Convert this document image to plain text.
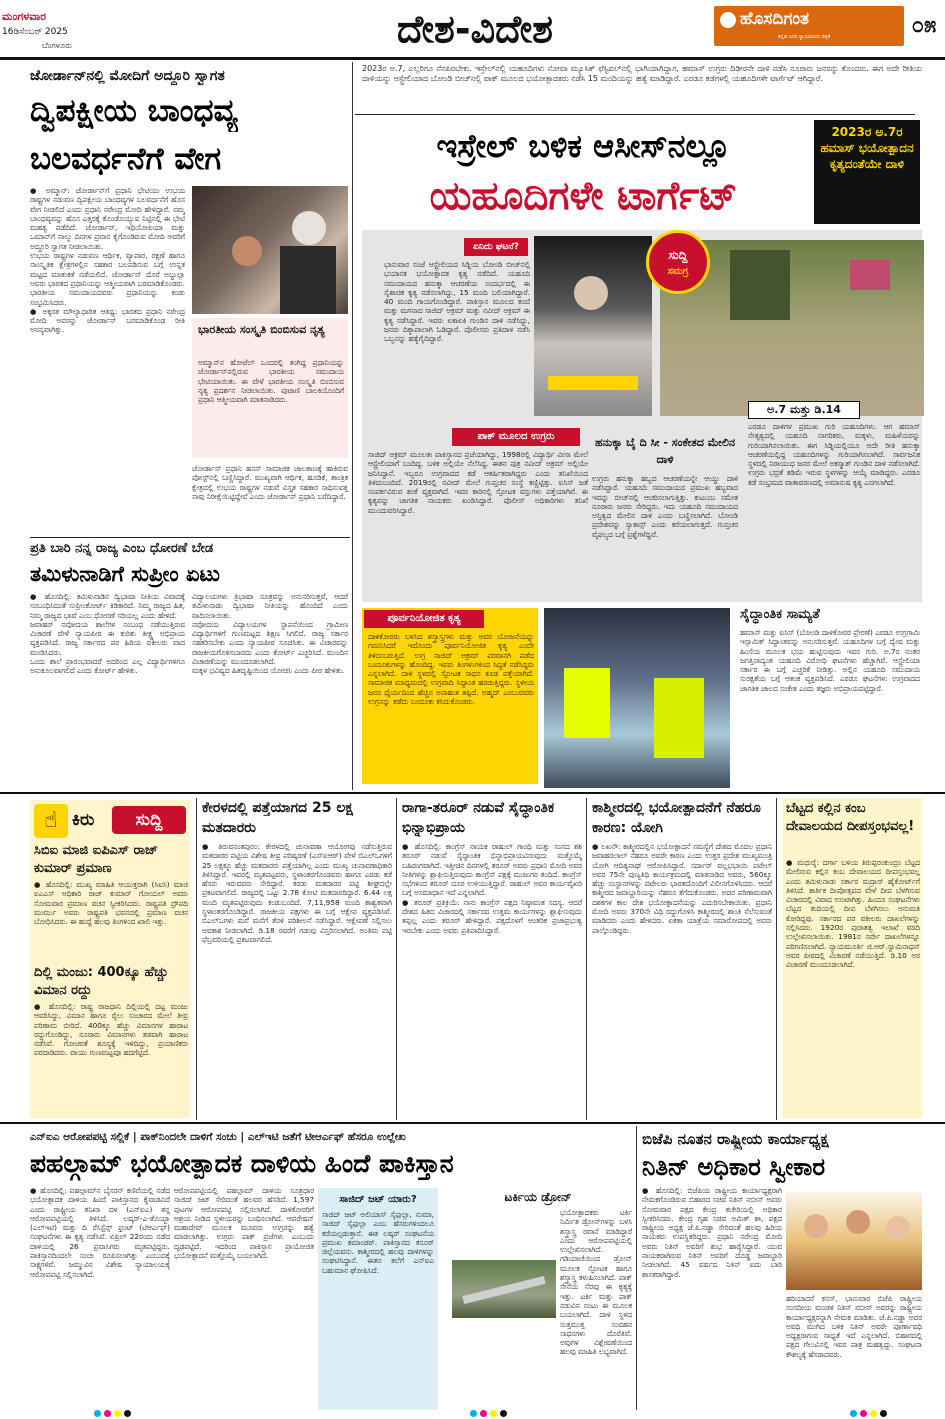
ಮಂಗಳವಾರ
16ಡಿಸೆಂಬರ್ 2025
ಬೆಂಗಳೂರು	ದೇಶ-ವಿದೇಶ	ಹೊಸದಿಗಂತ
ಕನ್ನಡ ಜನರ ಸ್ವಾಭಿಮಾನದ ಪತ್ರಿಕೆ	೦೫
ಜೋರ್ಡಾನ್‌ನಲ್ಲಿ ಮೋದಿಗೆ ಅದ್ದೂರಿ ಸ್ವಾಗತ
ದ್ವಿಪಕ್ಷೀಯ ಬಾಂಧವ್ಯ
ಬಲವರ್ಧನೆಗೆ ವೇಗ
● ಅಮ್ಮಾನ್: ಜೋರ್ಡಾನ್‌ಗೆ ಪ್ರಧಾನಿ ಭೇಟಿಯು ಉಭಯ ರಾಷ್ಟ್ರಗಳ ನಡುವಣ ದ್ವಿಪಕ್ಷೀಯ ಬಾಂಧವ್ಯಗಳ ಬಲವರ್ಧನೆಗೆ ಹೊಸ ವೇಗ ನೀಡಲಿದೆ ಎಂದು ಪ್ರಧಾನಿ ನರೇಂದ್ರ ಮೋದಿ ಹೇಳಿದ್ದಾರೆ. ನಮ್ಮ ಬಾಂಧವ್ಯವನ್ನು ಹೊಸ ಎತ್ತರಕ್ಕೆ ಕೊಂಡೊಯ್ಯುವ ನಿಟ್ಟಿನಲ್ಲಿ ಈ ಭೇಟಿ ಮಹತ್ವ ಪಡೆದಿದೆ. ಜೋರ್ಡಾನ್, ಇಥಿಯೋಪಿಯಾ ಮತ್ತು ಒಮಾನ್‌ಗೆ ನಾಲ್ಕು ದಿನಗಳ ಪ್ರವಾಸ ಕೈಗೊಂಡಿರುವ ಮೋದಿ ಅವರಿಗೆ ಅದ್ದೂರಿ ಸ್ವಾಗತ ನೀಡಲಾಯಿತು.
ಉಭಯ ರಾಷ್ಟ್ರಗಳ ನಡುವಣ ಆರ್ಥಿಕ, ವ್ಯಾಪಾರ, ರಕ್ಷಣೆ ಹಾಗೂ ಸಾಂಸ್ಕೃತಿಕ ಕ್ಷೇತ್ರಗಳಲ್ಲಿನ ಸಹಕಾರ ಬಲಪಡಿಸುವ ಬಗ್ಗೆ ಉನ್ನತ ಮಟ್ಟದ ಮಾತುಕತೆ ನಡೆಯಲಿದೆ. ಜೋರ್ಡಾನ್ ದೊರೆ ಅಬ್ದುಲ್ಲಾ ಅವರು ಭಾರತದ ಪ್ರಧಾನಿಯನ್ನು ಆತ್ಮೀಯವಾಗಿ ಬರಮಾಡಿಕೊಂಡರು. ಭಾರತೀಯ ಸಮುದಾಯದವರು ಪ್ರಧಾನಿಯನ್ನು ಕಂಡು ಸಂಭ್ರಮಿಸಿದರು.
● ಅಕ್ಕರತ ಮೌಲ್ಯಾಧಾರಿತ ಆತಿಥ್ಯ: ಭಾರತದ ಪ್ರಧಾನಿ ನರೇಂದ್ರ ಮೋದಿ ಅವರನ್ನು ಜೋರ್ಡಾನ್ ಬರಮಾಡಿಕೊಂಡ ರೀತಿ ಅನನ್ಯವಾಗಿತ್ತು.	ಭಾರತೀಯ ಸಂಸ್ಕೃತಿ ಬಿಂಬಿಸುವ ನೃತ್ಯ
ಅಮ್ಮಾನ್‌ನ ಹೋಟೆಲ್ ಒಂದರಲ್ಲಿ ತಂಗಿದ್ದ ಪ್ರಧಾನಿಯನ್ನು ಜೋರ್ಡಾನ್‌ನಲ್ಲಿರುವ ಭಾರತೀಯ ಸಮುದಾಯ ಭೇಟಿಯಾಯಿತು. ಈ ವೇಳೆ ಭಾರತೀಯ ಸಂಸ್ಕೃತಿ ಬಿಂಬಿಸುವ ನೃತ್ಯ ಪ್ರದರ್ಶನ ನೀಡಲಾಯಿತು. ಪುಟಾಣಿ ಬಾಲಕಿಯೊಂದಿಗೆ ಪ್ರಧಾನಿ ಆತ್ಮೀಯವಾಗಿ ಮಾತನಾಡಿದರು.
ಜೋರ್ಡಾನ್ ಪ್ರಧಾನಿ ಹಸನ್ ಸಾಮಾಜಿಕ ಜಾಲತಾಣಕ್ಕೆ ಹಾಕಿರುವ ಪೋಸ್ಟ್‌ನಲ್ಲಿ ಬಣ್ಣಿಸಿದ್ದಾರೆ. ಮುಖ್ಯವಾಗಿ ಆರ್ಥಿಕ, ಹೂಡಿಕೆ, ತಾಂತ್ರಿಕ ಕ್ಷೇತ್ರದಲ್ಲಿ ಉಭಯ ರಾಷ್ಟ್ರಗಳ ನಡುವೆ ವಿಸ್ತೃತ ಸಹಕಾರ ಸಾಧಿಸುವತ್ತ ನಾವು ನಿರೀಕ್ಷೆಯಿಟ್ಟಿದ್ದೇವೆ ಎಂದು ಜೋರ್ಡಾನ್ ಪ್ರಧಾನಿ ಬರೆದಿದ್ದಾರೆ.
ಪ್ರತಿ ಬಾರಿ ನನ್ನ ರಾಜ್ಯ ಎಂಬ ಧೋರಣೆ ಬೇಡ
ತಮಿಳುನಾಡಿಗೆ ಸುಪ್ರೀಂ ಏಟು
● ಹೊಸದಿಲ್ಲಿ: ತಮಿಳುನಾಡಿನ ದ್ವಿಭಾಷಾ ನೀತಿಯ ವಿವಾದಕ್ಕೆ ಸಂಬಂಧಿಸಿದಂತೆ ಸುಪ್ರೀಂಕೋರ್ಟ್ ಕಿಡಿಕಾರಿದೆ. ನಿಮ್ಮ ರಾಜ್ಯದ ಹಿತ, ನಿಮ್ಮ ರಾಜ್ಯದ ಭಾಷೆ ಎಂಬ ಧೋರಣೆ ಸರಿಯಲ್ಲ ಎಂದು ಹೇಳಿದೆ.
ಜವಾಹರ್ ನವೋದಯ ಶಾಲೆಗಳ ಸಂಬಂಧ ನಡೆಯುತ್ತಿರುವ ವಿಚಾರಣೆ ವೇಳೆ ನ್ಯಾಯಪೀಠ ಈ ಕುರಿತು ತೀಕ್ಷ್ಣ ಅಭಿಪ್ರಾಯ ವ್ಯಕ್ತಪಡಿಸಿದೆ. ರಾಜ್ಯ ಸರ್ಕಾರದ ಪರ ಹಿರಿಯ ವಕೀಲರು ವಾದ ಮಂಡಿಸಿದರು.
ಒಂದು ಶಾಲೆ ಪ್ರಾರಂಭವಾದರೆ ಅದರಿಂದ ಎಲ್ಲ ವಿದ್ಯಾರ್ಥಿಗಳಿಗೂ ಅನುಕೂಲವಾಗಲಿದೆ ಎಂದು ಕೋರ್ಟ್ ಹೇಳಿತು.
ವಿದ್ಯಾಲಯಗಳು ತ್ರಿಭಾಷಾ ಸೂತ್ರವನ್ನು ಅನುಸರಿಸುತ್ತವೆ, ಆದರೆ ತಮಿಳುನಾಡು ದ್ವಿಭಾಷಾ ನೀತಿಯನ್ನು ಹೊಂದಿದೆ ಎಂದು ವಾದಿಸಲಾಯಿತು.
ನವೋದಯ ವಿದ್ಯಾಲಯಗಳ ಸ್ಥಾಪನೆಯಿಂದ ಗ್ರಾಮೀಣ ವಿದ್ಯಾರ್ಥಿಗಳಿಗೆ ಗುಣಮಟ್ಟದ ಶಿಕ್ಷಣ ಸಿಗಲಿದೆ. ರಾಜ್ಯ ಸರ್ಕಾರ ಸಹಕರಿಸಬೇಕು ಎಂದು ನ್ಯಾಯಪೀಠ ಸೂಚಿಸಿತು. ಈ ವಿಚಾರವನ್ನು ರಾಜಕೀಯಗೊಳಿಸಬಾರದು ಎಂದು ಕೋರ್ಟ್ ಎಚ್ಚರಿಸಿದೆ. ಮುಂದಿನ ವಿಚಾರಣೆಯನ್ನು ಮುಂದೂಡಲಾಗಿದೆ.
ಮಕ್ಕಳ ಭವಿಷ್ಯದ ಹಿತದೃಷ್ಟಿಯಿಂದ ಯೋಚಿಸಿ ಎಂದು ಪೀಠ ಹೇಳಿತು.
2023ರ ಅ.7, ಎಲ್ಲರಿಗೂ ನೆನಪಿರಬೇಕು. ಇಸ್ರೇಲ್‌ನಲ್ಲಿ ಯಹೂದಿಗಳು ನೋವಾ ಮ್ಯೂಸಿಕ್ ಫೆಸ್ಟಿವಲ್‌ನಲ್ಲಿ ಭಾಗಿಯಾಗಿದ್ದಾಗ, ಹಮಾಸ್ ಉಗ್ರರು ದಿಢೀರನೇ ದಾಳಿ ನಡೆಸಿ ನೂರಾರು ಜನರನ್ನು ಕೊಂದರು. ಈಗ ಅದೇ ರೀತಿಯ ದಾಳಿಯನ್ನು ಆಸ್ಟ್ರೇಲಿಯಾದ ಬೋಂಡಿ ಬೀಚ್‌ನಲ್ಲಿ ಪಾಕ್ ಮೂಲದ ಭಯೋತ್ಪಾದಕರು ನಡೆಸಿ 15 ಮಂದಿಯನ್ನು ಹತ್ಯೆ ಮಾಡಿದ್ದಾರೆ. ಎರಡೂ ಕಡೆಗಳಲ್ಲಿ ಯಹೂದಿಗಳೇ ಟಾರ್ಗೆಟ್ ಆಗಿದ್ದಾರೆ.
ಇಸ್ರೇಲ್ ಬಳಿಕ ಆಸೀಸ್‌ನಲ್ಲೂ
ಯಹೂದಿಗಳೇ ಟಾರ್ಗೆಟ್
2023ರ ಅ.7ರ ಹಮಾಸ್ ಭಯೋತ್ಪಾದನ ಕೃತ್ಯದಂತೆಯೇ ದಾಳಿ
ಏನಿದು ಘಟನೆ?
ಭಾನುವಾರ ಸಂಜೆ ಆಸ್ಟ್ರೇಲಿಯದ ಸಿಡ್ನಿಯ ಬೋಂಡಿ ಬೀಚ್‌ನಲ್ಲಿ ಭಯಾನಕ ಭಯೋತ್ಪಾದಕ ಕೃತ್ಯ ನಡೆದಿದೆ. ಯಹೂದಿ ಸಮುದಾಯದ ಹನುಕ್ಕಾ ಆಚರಣೆಯ ಸಂದರ್ಭದಲ್ಲಿ ಈ ಸೈಶಾಚಿಕ ಕೃತ್ಯ ನಡೆಸಲಾಗಿದ್ದು, 15 ಮಂದಿ ಬಲಿಯಾಗಿದ್ದಾರೆ. 40 ಮಂದಿ ಗಾಯಗೊಂಡಿದ್ದಾರೆ. ಪಾಕಿಸ್ತಾನ ಮೂಲದ ತಂದೆ ಮತ್ತು ಮಗನಾದ ಸಾಜಿದ್ ಅಕ್ರಮ್ ಮತ್ತು ನವೀದ್ ಅಕ್ರಮ್ ಈ ಕೃತ್ಯ ನಡೆಸಿದ್ದಾರೆ. ಇವರು ಏಕಾಏಕಿ ಗುಂಡಿನ ದಾಳಿ ನಡೆಸಿದ್ದು, ಜನರು ದಿಕ್ಕಾಪಾಲಾಗಿ ಓಡಿದ್ದಾರೆ. ಪೊಲೀಸರು ಪ್ರತಿದಾಳಿ ನಡೆಸಿ ಒಬ್ಬನನ್ನು ಹತ್ಯೆಗೈದಿದ್ದಾರೆ.
ಸುದ್ದಿ
ಸಮಗ್ರ
ಅ.7 ಮತ್ತು ಡಿ.14
ಪಾಕ್ ಮೂಲದ ಉಗ್ರರು
ಸಾಜಿದ್ ಅಕ್ರಮ್ ಮೂಲತಃ ಪಾಕಿಸ್ತಾನದ ಪ್ರಜೆಯಾಗಿದ್ದು, 1998ರಲ್ಲಿ ವಿದ್ಯಾರ್ಥಿ ವೀಸಾ ಮೇಲೆ ಆಸ್ಟ್ರೇಲಿಯಾಗೆ ಬಂದಿದ್ದ. ಬಳಿಕ ಅಲ್ಲಿಯೇ ನೆಲೆಸಿದ್ದ. ಈತನ ಪುತ್ರ ನವೀದ್ ಅಕ್ರಮ್ ಅಲ್ಲಿಯೇ ಜನಿಸಿದ್ದಾನೆ. ಇಬ್ಬರೂ ಉಗ್ರವಾದದ ಕಡೆ ಆಕರ್ಷಿತರಾಗಿದ್ದರು ಎಂದು ತನಿಖೆಯಿಂದ ತಿಳಿದುಬಂದಿದೆ. 2019ರಲ್ಲಿ ನವೀದ್ ಮೇಲೆ ಗುಪ್ತಚರ ಸಂಸ್ಥೆ ಕಣ್ಣಿಟ್ಟಿತ್ತು. ಐಸಿಸ್ ಜತೆ ಸಂಪರ್ಕವಿರುವ ಶಂಕೆ ವ್ಯಕ್ತವಾಗಿದೆ. ಇವರ ಕಾರಿನಲ್ಲಿ ಸ್ಫೋಟಕ ವಸ್ತುಗಳು ಪತ್ತೆಯಾಗಿವೆ. ಈ ಕೃತ್ಯವನ್ನು ಜಾಗತಿಕ ನಾಯಕರು ಖಂಡಿಸಿದ್ದಾರೆ. ಪೊಲೀಸ್ ಅಧಿಕಾರಿಗಳು ತನಿಖೆ ಮುಂದುವರಿಸಿದ್ದಾರೆ.
ಹನುಕ್ಕಾ ಬೈ ದಿ ಸೀ - ಸಂಕೇತದ ಮೇಲಿನ ದಾಳಿ
ಉಗ್ರರು ಹನುಕ್ಕಾ ಹಬ್ಬದ ಆಚರಣೆಯನ್ನೇ ಆಯ್ದು ದಾಳಿ ನಡೆಸಿದ್ದಾರೆ. ಯಹೂದಿ ಸಮುದಾಯದ ಪ್ರಮುಖ ಹಬ್ಬವಾದ ಇದನ್ನು ಬೀಚ್‌ನಲ್ಲಿ ಆಚರಿಸಲಾಗುತ್ತಿತ್ತು. ಕುಟುಂಬ ಸಮೇತ ನೂರಾರು ಜನರು ಸೇರಿದ್ದರು. ಇದು ಯಹೂದಿ ಸಮುದಾಯದ ಅಸ್ತಿತ್ವದ ಮೇಲಿನ ದಾಳಿ ಎಂದು ಬಣ್ಣಿಸಲಾಗಿದೆ. ಬೋಂಡಿ ಪ್ರದೇಶವನ್ನು ಸ್ಯಾಕಾನ್ಸ್ ಎಂದು ಕರೆಯಲಾಗುತ್ತದೆ. ಗುಪ್ತಚರ ವೈಫಲ್ಯದ ಬಗ್ಗೆ ಪ್ರಶ್ನೆಗಳೆದ್ದಿವೆ.
ಎರಡೂ ದಾಳಿಗಳ ಪ್ರಮುಖ ಗುರಿ ಯಹೂದಿಗಳು. ಆಗ ಹಮಾಸ್ ನೇತೃತ್ವದಲ್ಲಿ ಯಹೂದಿ ನಾಗರಿಕರು, ಮಕ್ಕಳು, ಮಹಿಳೆಯರನ್ನು ಗುರಿಯಾಗಿಸಲಾಯಿತು. ಈಗ ಸಿಡ್ನಿಯಲ್ಲಿಯೂ ಅದೇ ರೀತಿ ಹನುಕ್ಕಾ ಆಚರಣೆಯಲ್ಲಿದ್ದ ಯಹೂದಿಗಳನ್ನು ಗುರಿಯಾಗಿಸಲಾಗಿದೆ. ಸಾರ್ವಜನಿಕ ಸ್ಥಳದಲ್ಲಿ ನಿರಾಯುಧ ಜನರ ಮೇಲೆ ಅಕಸ್ಮಾತ್ ಗುಂಡಿನ ದಾಳಿ ನಡೆಸಲಾಗಿದೆ. ಉಗ್ರರು ಭದ್ರತೆ ಕಡಿಮೆ ಇರುವ ಸ್ಥಳಗಳನ್ನು ಆಯ್ಕೆ ಮಾಡಿದ್ದರು. ಎರಡೂ ಕಡೆ ಸಂಭ್ರಮದ ವಾತಾವರಣದಲ್ಲಿ ಅಮಾನುಷ ಕೃತ್ಯ ಎಸಗಲಾಗಿದೆ.
ಪೂರ್ವನಿಯೋಜಿತ ಕೃತ್ಯ
ದಾಳಿಕೋರರು ಬಳಸಿದ ಶಸ್ತ್ರಾಸ್ತ್ರಗಳು ಮತ್ತು ಅವರ ಯೋಜನೆಯನ್ನು ಗಮನಿಸಿದರೆ ಇದೊಂದು ಪೂರ್ವನಿಯೋಜಿತ ಕೃತ್ಯ ಎಂದೇ ತಿಳಿದುಬರುತ್ತಿದೆ. ಉಗ್ರ ಸಾಜಿದ್ ಅಕ್ರಮ್ ಪರವಾನಗಿ ಪಡೆದ ಬಂದೂಕುಗಳನ್ನು ಹೊಂದಿದ್ದ. ಇವರು ತಿಂಗಳುಗಳಿಂದ ಸಿದ್ಧತೆ ನಡೆಸಿದ್ದರು ಎನ್ನಲಾಗಿದೆ. ದಾಳಿ ಸ್ಥಳದಲ್ಲಿ ಸ್ಫೋಟಕ ಸಾಧನ ಕೂಡ ಪತ್ತೆಯಾಗಿದೆ. ಸಾಮಾಜಿಕ ಮಾಧ್ಯಮದಲ್ಲಿ ಉಗ್ರವಾದಿ ಸಿದ್ಧಾಂತ ಹರಡುತ್ತಿದ್ದರು. ಸ್ಥಳೀಯ ಜನರ ಧೈರ್ಯದಿಂದ ಹೆಚ್ಚಿನ ಅನಾಹುತ ತಪ್ಪಿದೆ. ಅಹ್ಮದ್ ಎಂಬುವವರು ಉಗ್ರನನ್ನು ತಡೆದು ಬಂದೂಕು ಕಸಿದುಕೊಂಡರು.
ಸೈದ್ಧಾಂತಿಕ ಸಾಮ್ಯತೆ
ಹಮಾಸ್ ಮತ್ತು ಐಸಿಸ್ (ಬೋಂಡಿ ದಾಳಿಕೋರರ ಪ್ರೇರಣೆ) ಎರಡೂ ಉಗ್ರಗಾಮಿ ಇಸ್ಲಾಮಿಕ್ ಸಿದ್ಧಾಂತವನ್ನು ಅನುಸರಿಸುತ್ತವೆ. ಯಹೂದಿಗಳ ಬಗ್ಗೆ ದ್ವೇಷ ಮತ್ತು ಹಿಂಸೆಯ ಮೂಲಕ ಭಯ ಹುಟ್ಟಿಸುವುದು ಇವರ ಗುರಿ. ಅ.7ರ ನಂತರ ಜಗತ್ತಿನಾದ್ಯಂತ ಯಹೂದಿ ವಿರೋಧಿ ಘಟನೆಗಳು ಹೆಚ್ಚಾಗಿವೆ. ಆಸ್ಟ್ರೇಲಿಯಾ ಸರ್ಕಾರ ಈ ಬಗ್ಗೆ ಎಚ್ಚರಿಕೆ ನೀಡಿತ್ತು. ಅಲ್ಲಿನ ಯಹೂದಿ ಸಮುದಾಯ ಸುರಕ್ಷತೆಯ ಬಗ್ಗೆ ಆತಂಕ ವ್ಯಕ್ತಪಡಿಸಿದೆ. ಎರಡೂ ಘಟನೆಗಳು ಉಗ್ರವಾದದ ಜಾಗತಿಕ ಜಾಲದ ಸಂಕೇತ ಎಂದು ತಜ್ಞರು ಅಭಿಪ್ರಾಯಪಟ್ಟಿದ್ದಾರೆ.
☝ ಕಿರು	ಸುದ್ದಿ
ಸಿಬಿಐ ಮಾಜಿ ಐಪಿಎಸ್ ರಾಜ್ ಕುಮಾರ್ ಪ್ರಮಾಣ
● ಹೊಸದಿಲ್ಲಿ: ಮುಖ್ಯ ಮಾಹಿತಿ ಆಯುಕ್ತರಾಗಿ (ಸಿಐಸಿ) ಮಾಜಿ ಐಎಎಸ್ ಅಧಿಕಾರಿ ರಾಜ್ ಕುಮಾರ್ ಗೋಯಲ್ ಅವರು ಸೋಮವಾರ ಪ್ರಮಾಣ ವಚನ ಸ್ವೀಕರಿಸಿದರು. ರಾಷ್ಟ್ರಪತಿ ದ್ರೌಪದಿ ಮುರ್ಮು ಅವರು ರಾಷ್ಟ್ರಪತಿ ಭವನದಲ್ಲಿ ಪ್ರಮಾಣ ವಚನ ಬೋಧಿಸಿದರು. ಈ ಹುದ್ದೆ ಹಲವು ತಿಂಗಳಿಂದ ಖಾಲಿ ಇತ್ತು.
ದಿಲ್ಲಿ ಮಂಜು: 400ಕ್ಕೂ ಹೆಚ್ಚು ವಿಮಾನ ರದ್ದು
● ಹೊಸದಿಲ್ಲಿ: ರಾಷ್ಟ್ರ ರಾಜಧಾನಿ ದಿಲ್ಲಿಯಲ್ಲಿ ದಟ್ಟ ಮಂಜು ಆವರಿಸಿದ್ದು, ವಿಮಾನ ಹಾಗೂ ರೈಲು ಸಂಚಾರದ ಮೇಲೆ ತೀವ್ರ ಪರಿಣಾಮ ಬೀರಿದೆ. 400ಕ್ಕೂ ಹೆಚ್ಚು ವಿಮಾನಗಳ ಹಾರಾಟ ರದ್ದುಗೊಂಡಿದ್ದು, ನೂರಾರು ವಿಮಾನಗಳು ತಡವಾಗಿ ಹಾರಾಟ ನಡೆಸಿವೆ. ಗೋಚರತೆ ಶೂನ್ಯಕ್ಕೆ ಇಳಿದಿದ್ದು, ಪ್ರಯಾಣಿಕರು ಪರದಾಡಿದರು. ವಾಯು ಗುಣಮಟ್ಟವೂ ಹದಗೆಟ್ಟಿದೆ.
ಕೇರಳದಲ್ಲಿ ಪತ್ತೆಯಾಗದ 25 ಲಕ್ಷ ಮತದಾರರು
● ತಿರುವನಂತಪುರಂ: ಕೇರಳದಲ್ಲಿ ಚುನಾವಣಾ ಆಯೋಗವು ನಡೆಸುತ್ತಿರುವ ಮತದಾರರ ಪಟ್ಟಿಯ ವಿಶೇಷ ತೀವ್ರ ಪರಿಷ್ಕರಣೆ (ಎಸ್ಐಆರ್) ವೇಳೆ ಬಿಎಲ್‌ಒಗಳಿಗೆ 25 ಲಕ್ಷಕ್ಕೂ ಹೆಚ್ಚು ಮತದಾರರು ಪತ್ತೆಯಾಗಿಲ್ಲ ಎಂದು ಮುಖ್ಯ ಚುನಾವಣಾಧಿಕಾರಿ ತಿಳಿಸಿದ್ದಾರೆ. ಇವರಲ್ಲಿ ಮೃತಪಟ್ಟವರು, ಸ್ಥಳಾಂತರಗೊಂಡವರು ಹಾಗೂ ಎರಡು ಕಡೆ ಹೆಸರು ಇರುವವರು ಸೇರಿದ್ದಾರೆ. ಕರಡು ಮತದಾರರ ಪಟ್ಟಿ ಶೀಘ್ರದಲ್ಲೇ ಪ್ರಕಟವಾಗಲಿದೆ. ರಾಜ್ಯದಲ್ಲಿ ಒಟ್ಟು 2.78 ಕೋಟಿ ಮತದಾರರಿದ್ದಾರೆ. 6.44 ಲಕ್ಷ ಮಂದಿ ಮೃತಪಟ್ಟಿರುವುದು ಕಂಡುಬಂದಿದೆ. 7,11,958 ಮಂದಿ ಶಾಶ್ವತವಾಗಿ ಸ್ಥಳಾಂತರಗೊಂಡಿದ್ದಾರೆ. ರಾಜಕೀಯ ಪಕ್ಷಗಳು ಈ ಬಗ್ಗೆ ಆಕ್ಷೇಪ ವ್ಯಕ್ತಪಡಿಸಿವೆ. ಬಿಎಲ್‌ಒಗಳು ಮನೆ ಮನೆಗೆ ತೆರಳಿ ಪರಿಶೀಲನೆ ನಡೆಸಿದ್ದಾರೆ. ಆಕ್ಷೇಪಣೆ ಸಲ್ಲಿಸಲು ಅವಕಾಶ ನೀಡಲಾಗಿದೆ. ಡಿ.18 ರವರೆಗೆ ಗಡುವು ವಿಸ್ತರಿಸಲಾಗಿದೆ. ಅಂತಿಮ ಪಟ್ಟಿ ಫೆಬ್ರವರಿಯಲ್ಲಿ ಪ್ರಕಟವಾಗಲಿದೆ.
ರಾಗಾ-ತರೂರ್ ನಡುವೆ ಸೈದ್ಧಾಂತಿಕ ಭಿನ್ನಾಭಿಪ್ರಾಯ
● ಹೊಸದಿಲ್ಲಿ: ಕಾಂಗ್ರೆಸ್ ನಾಯಕ ರಾಹುಲ್ ಗಾಂಧಿ ಮತ್ತು ಸಂಸದ ಶಶಿ ತರೂರ್ ನಡುವೆ ಸೈದ್ಧಾಂತಿಕ ಭಿನ್ನಾಭಿಪ್ರಾಯವಿರುವುದು ಮತ್ತೊಮ್ಮೆ ಬಹಿರಂಗವಾಗಿದೆ. ಇತ್ತೀಚಿನ ದಿನಗಳಲ್ಲಿ ತರೂರ್ ಅವರು ಪ್ರಧಾನಿ ಮೋದಿ ಅವರ ನೀತಿಗಳನ್ನು ಶ್ಲಾಘಿಸುತ್ತಿರುವುದು ಕಾಂಗ್ರೆಸ್ ಪಕ್ಷಕ್ಕೆ ಮುಜುಗರ ತಂದಿದೆ. ಕಾಂಗ್ರೆಸ್ ಸಭೆಗಳಿಂದ ತರೂರ್ ದೂರ ಉಳಿಯುತ್ತಿದ್ದಾರೆ. ರಾಹುಲ್ ಅವರ ಕಾರ್ಯವೈಖರಿ ಬಗ್ಗೆ ಅಸಮಾಧಾನ ಇದೆ ಎನ್ನಲಾಗಿದೆ.
● ತರೂರ್ ಪ್ರತಿಕ್ರಿಯೆ: ನಾನು ಕಾಂಗ್ರೆಸ್ ಪಕ್ಷದ ನಿಷ್ಠಾವಂತ ಸದಸ್ಯ. ಆದರೆ ದೇಶದ ಹಿತದ ವಿಚಾರದಲ್ಲಿ ಸರ್ಕಾರದ ಉತ್ತಮ ಕಾರ್ಯಗಳನ್ನು ಶ್ಲಾಘಿಸುವುದು ತಪ್ಪಲ್ಲ ಎಂದು ತರೂರ್ ಹೇಳಿದ್ದಾರೆ. ಪಕ್ಷದೊಳಗೆ ಆಂತರಿಕ ಪ್ರಜಾಪ್ರಭುತ್ವ ಇರಬೇಕು ಎಂದು ಅವರು ಪ್ರತಿಪಾದಿಸಿದ್ದಾರೆ.
ಕಾಶ್ಮೀರದಲ್ಲಿ ಭಯೋತ್ಪಾದನೆಗೆ ನೆಹರೂ ಕಾರಣ: ಯೋಗಿ
● ಲಖನೌ: ಕಾಶ್ಮೀರದಲ್ಲಿನ ಭಯೋತ್ಪಾದನೆ ಸಮಸ್ಯೆಗೆ ದೇಶದ ಮೊದಲ ಪ್ರಧಾನಿ ಜವಾಹರಲಾಲ್ ನೆಹರೂ ಅವರೇ ಕಾರಣ ಎಂದು ಉತ್ತರ ಪ್ರದೇಶ ಮುಖ್ಯಮಂತ್ರಿ ಯೋಗಿ ಆದಿತ್ಯನಾಥ್ ಆರೋಪಿಸಿದ್ದಾರೆ. ಸರ್ದಾರ್ ವಲ್ಲಭಭಾಯಿ ಪಟೇಲ್ ಅವರ 75ನೇ ಪುಣ್ಯತಿಥಿ ಕಾರ್ಯಕ್ರಮದಲ್ಲಿ ಮಾತನಾಡಿದ ಅವರು, 560ಕ್ಕೂ ಹೆಚ್ಚು ಸಂಸ್ಥಾನಗಳನ್ನು ಪಟೇಲರು ಭಾರತದೊಂದಿಗೆ ವಿಲೀನಗೊಳಿಸಿದರು. ಆದರೆ ಕಾಶ್ಮೀರದ ಜವಾಬ್ದಾರಿಯನ್ನು ನೆಹರೂ ತೆಗೆದುಕೊಂಡರು. ಅದರ ಪರಿಣಾಮವಾಗಿ ದಶಕಗಳ ಕಾಲ ದೇಶ ಭಯೋತ್ಪಾದನೆಯನ್ನು ಎದುರಿಸಬೇಕಾಯಿತು. ಪ್ರಧಾನಿ ಮೋದಿ ಅವರು 370ನೇ ವಿಧಿ ರದ್ದುಗೊಳಿಸಿ ಕಾಶ್ಮೀರದಲ್ಲಿ ಶಾಂತಿ ನೆಲೆಸುವಂತೆ ಮಾಡಿದರು ಎಂದು ಹೇಳಿದರು. ಏಕತಾ ಯಾತ್ರೆಯ ಸಮಾರೋಪದಲ್ಲಿ ಅವರು ಪಾಲ್ಗೊಂಡಿದ್ದರು.
ಬೆಟ್ಟದ ಕಲ್ಲಿನ ಕಂಬ ದೇವಾಲಯದ ದೀಪಸ್ತಂಭವಲ್ಲ!
● ಮಧುರೈ: ದರ್ಗಾ ಬಳಿಯ ತಿರುಪ್ಪರಂಕುಂದ್ರಂ ಬೆಟ್ಟದ ಮೇಲಿರುವ ಕಲ್ಲಿನ ಕಂಬ ದೇವಾಲಯದ ದೀಪಸ್ತಂಭವಲ್ಲ ಎಂದು ತಮಿಳುನಾಡು ಸರ್ಕಾರ ಮದ್ರಾಸ್ ಹೈಕೋರ್ಟ್‌ಗೆ ತಿಳಿಸಿದೆ. ಕಾರ್ತಿಕ ದೀಪೋತ್ಸವದ ವೇಳೆ ದೀಪ ಬೆಳಗಿಸುವ ವಿಚಾರದಲ್ಲಿ ವಿವಾದ ಉಂಟಾಗಿತ್ತು. ಹಿಂದೂ ಸಂಘಟನೆಗಳು ಬೆಟ್ಟದ ತುದಿಯಲ್ಲಿ ದೀಪ ಬೆಳಗಿಸಲು ಅನುಮತಿ ಕೋರಿದ್ದವು. ಸರ್ಕಾರದ ಪರ ವಕೀಲರು ದಾಖಲೆಗಳನ್ನು ಸಲ್ಲಿಸಿದರು. 1920ರ ಪುರಾತತ್ವ ಇಲಾಖೆ ವರದಿ ಉಲ್ಲೇಖಿಸಲಾಯಿತು. 1981ರ ಸರ್ವೇ ದಾಖಲೆಗಳನ್ನೂ ಪರಿಗಣಿಸಲಾಗಿದೆ. ನ್ಯಾಯಮೂರ್ತಿ ಜಿ.ಆರ್.ಸ್ವಾಮಿನಾಥನ್ ಅವರ ಪೀಠದಲ್ಲಿ ವಿಚಾರಣೆ ನಡೆಯುತ್ತಿದೆ. ಡಿ.10 ಅರ ವಿಚಾರಣೆ ಮುಂದೂಡಲಾಗಿದೆ.
ಎನ್ಐಎ ಆರೋಪಪಟ್ಟಿ ಸಲ್ಲಿಕೆ | ಪಾಕ್‌ನಿಂದಲೇ ದಾಳಿಗೆ ಸಂಚು | ಎಲ್ಇಟಿ ಜತೆಗೆ ಟೀಆರ್ಎಫ್ ಹೆಸರೂ ಉಲ್ಲೇಖ
ಪಹಲ್ಗಾಮ್ ಭಯೋತ್ಪಾದಕ ದಾಳಿಯ ಹಿಂದೆ ಪಾಕಿಸ್ತಾನ
● ಹೊಸದಿಲ್ಲಿ: ಪಹಲ್ಗಾಮ್‌ನ ಬೈಸರನ್ ಕಣಿವೆಯಲ್ಲಿ ನಡೆದ ಭಯೋತ್ಪಾದಕ ದಾಳಿಯ ಹಿಂದೆ ಪಾಕಿಸ್ತಾನದ ಕೈವಾಡವಿದೆ ಎಂದು ರಾಷ್ಟ್ರೀಯ ತನಿಖಾ ದಳ (ಎನ್ಐಎ) ತನ್ನ ಆರೋಪಪಟ್ಟಿಯಲ್ಲಿ ತಿಳಿಸಿದೆ. ಲಷ್ಕರ್-ಎ-ತೊಯ್ಬಾ (ಎಲ್ಇಟಿ) ಮತ್ತು ದಿ ರೆಸಿಸ್ಟೆನ್ಸ್ ಫ್ರಂಟ್ (ಟಿಆರ್ಎಫ್) ಸಂಘಟನೆಗಳು ಈ ಕೃತ್ಯ ನಡೆಸಿವೆ. ಏಪ್ರಿಲ್ 22ರಂದು ನಡೆದ ದಾಳಿಯಲ್ಲಿ 26 ಪ್ರವಾಸಿಗರು ಮೃತಪಟ್ಟಿದ್ದರು. ಪಾಕಿಸ್ತಾನದಿಂದಲೇ ಸಂಚು ರೂಪಿಸಲಾಗಿತ್ತು ಎಂಬುದಕ್ಕೆ ಸಾಕ್ಷ್ಯಗಳಿವೆ. ಜಮ್ಮುವಿನ ವಿಶೇಷ ನ್ಯಾಯಾಲಯಕ್ಕೆ ಆರೋಪಪಟ್ಟಿ ಸಲ್ಲಿಸಲಾಗಿದೆ.
ಆರೋಪಪಟ್ಟಿಯಲ್ಲಿ ಪಹಲ್ಗಾಮ್ ದಾಳಿಯ ಸೂತ್ರಧಾರ ಸಾಜಿದ್ ಜಟ್ ಸೇರಿದಂತೆ ಹಲವರ ಹೆಸರಿದೆ. 1,597 ಪುಟಗಳ ಆರೋಪಪಟ್ಟಿ ಸಲ್ಲಿಸಲಾಗಿದೆ. ದಾಳಿಕೋರರಿಗೆ ಆಶ್ರಯ ನೀಡಿದ ಸ್ಥಳೀಯರನ್ನು ಬಂಧಿಸಲಾಗಿದೆ. ಆಪರೇಷನ್ ಮಹಾದೇವ್ ಮೂಲಕ ಮೂವರು ಉಗ್ರರನ್ನು ಹತ್ಯೆ ಮಾಡಲಾಗಿತ್ತು. ಉಗ್ರರು ಪಾಕ್ ಪ್ರಜೆಗಳು ಎಂಬುದು ದೃಢಪಟ್ಟಿದೆ. ಇದರಿಂದ ಪಾಕಿಸ್ತಾನ ಪ್ರಾಯೋಜಿತ ಭಯೋತ್ಪಾದನೆ ಮತ್ತೊಮ್ಮೆ ಬಯಲಾಗಿದೆ.
ಸಾಜಿದ್ ಜಟ್ ಯಾರು?
ಸಾಜಿದ್ ಜಟ್ ಅಲಿಯಾಸ್ ಸೈಫುಲ್ಲಾ, ನುಮಾ, ಸಾಜಿದ್ ಸೈಫುಲ್ಲಾ ಎಂಬ ಹೆಸರುಗಳಿಂದಲೂ ಕರೆಯಲ್ಪಡುತ್ತಾನೆ. ಈತ ಲಷ್ಕರ್ ಸಂಘಟನೆಯ ಪ್ರಮುಖ ಕಮಾಂಡರ್. ಪಾಕಿಸ್ತಾನದ ಕಸೂರ್ ಜಿಲ್ಲೆಯವನು. ಕಾಶ್ಮೀರದಲ್ಲಿ ಹಲವು ದಾಳಿಗಳನ್ನು ಸಂಘಟಿಸಿದ್ದಾನೆ. ಈತನ ತಲೆಗೆ ಎನ್ಐಎ ಬಹುಮಾನ ಘೋಷಿಸಿದೆ.
ಟರ್ಕಿಯ ಡ್ರೋನ್
ಭಯೋತ್ಪಾದಕರು ಟರ್ಕಿ ನಿರ್ಮಿತ ಡ್ರೋನ್‌ಗಳನ್ನು ಬಳಸಿ ಶಸ್ತ್ರಾಸ್ತ್ರ ರವಾನೆ ಮಾಡಿದ್ದಾರೆ ಎಂದು ಆರೋಪಪಟ್ಟಿಯಲ್ಲಿ ಉಲ್ಲೇಖಿಸಲಾಗಿದೆ. ಗಡಿಯಾಚೆಯಿಂದ ಡ್ರೋನ್ ಮೂಲಕ ಸ್ಫೋಟಕ ಹಾಗೂ ಶಸ್ತ್ರಾಸ್ತ್ರ ಕಳುಹಿಸಲಾಗಿದೆ. ಪಾಕ್ ಸೇನೆಯ ನೆರವು ಈ ಕೃತ್ಯಕ್ಕೆ ಇತ್ತು. ಟರ್ಕಿ ಮತ್ತು ಪಾಕ್ ನಡುವಿನ ನಂಟು ಈ ಮೂಲಕ ಬಯಲಾಗಿದೆ. ದಾಳಿ ಸ್ಥಳದ ಸುತ್ತಮುತ್ತ ಸಂವಹನ ಸಾಧನಗಳು ದೊರೆತಿವೆ. ಅವುಗಳ ವಿಶ್ಲೇಷಣೆಯಿಂದ ಹಲವು ಮಾಹಿತಿ ಲಭ್ಯವಾಗಿದೆ.
ಬಿಜೆಪಿ ನೂತನ ರಾಷ್ಟ್ರೀಯ ಕಾರ್ಯಾಧ್ಯಕ್ಷ
ನಿತಿನ್ ಅಧಿಕಾರ ಸ್ವೀಕಾರ
● ಹೊಸದಿಲ್ಲಿ: ಬಿಜೆಪಿಯ ರಾಷ್ಟ್ರೀಯ ಕಾರ್ಯಾಧ್ಯಕ್ಷರಾಗಿ ನೇಮಕಗೊಂಡಿರುವ ಬಿಹಾರದ ಸಚಿವ ನಿತಿನ್ ನಬೀನ್ ಅವರು ಸೋಮವಾರ ಪಕ್ಷದ ಕೇಂದ್ರ ಕಚೇರಿಯಲ್ಲಿ ಅಧಿಕಾರ ಸ್ವೀಕರಿಸಿದರು. ಕೇಂದ್ರ ಗೃಹ ಸಚಿವ ಅಮಿತ್ ಶಾ, ಪಕ್ಷದ ರಾಷ್ಟ್ರೀಯ ಅಧ್ಯಕ್ಷ ಜೆ.ಪಿ.ನಡ್ಡಾ ಸೇರಿದಂತೆ ಹಲವು ಹಿರಿಯ ನಾಯಕರು ಉಪಸ್ಥಿತರಿದ್ದರು. ಪ್ರಧಾನಿ ನರೇಂದ್ರ ಮೋದಿ ಅವರು ನಿತಿನ್ ಅವರಿಗೆ ಶುಭ ಹಾರೈಸಿದ್ದಾರೆ. ಯುವ ನಾಯಕರಾಗಿರುವ ನಿತಿನ್ ಅವರಿಗೆ ದೊಡ್ಡ ಜವಾಬ್ದಾರಿ ನೀಡಲಾಗಿದೆ. 45 ವರ್ಷದ ನಿತಿನ್ ಐದು ಬಾರಿ ಶಾಸಕರಾಗಿದ್ದಾರೆ.
ಹರಿಯಾದರೆ ಕನಸ್, ಭಾನುವಾರ ಬಿಜೆಪಿ ರಾಷ್ಟ್ರೀಯ ಸಂಸದೀಯ ಮಂಡಳಿ ನಿತಿನ್ ನಬೀನ್ ಅವರನ್ನು ರಾಷ್ಟ್ರೀಯ ಕಾರ್ಯಾಧ್ಯಕ್ಷರನ್ನಾಗಿ ನೇಮಕ ಮಾಡಿತು. ಜೆ.ಪಿ.ನಡ್ಡಾ ಅವರ ಅವಧಿ ಮುಗಿದ ಬಳಿಕ ನಿತಿನ್ ಅವರೇ ಪೂರ್ಣಾವಧಿ ಅಧ್ಯಕ್ಷರಾಗುವ ಸಾಧ್ಯತೆ ಇದೆ ಎನ್ನಲಾಗಿದೆ. ಬಿಹಾರದಲ್ಲಿ ಪಕ್ಷದ ಗೆಲುವಿನಲ್ಲಿ ಇವರ ಪಾತ್ರ ಮಹತ್ವದ್ದು. ಸಂಘಟನಾ ಕೌಶಲ್ಯಕ್ಕೆ ಹೆಸರಾದವರು.
